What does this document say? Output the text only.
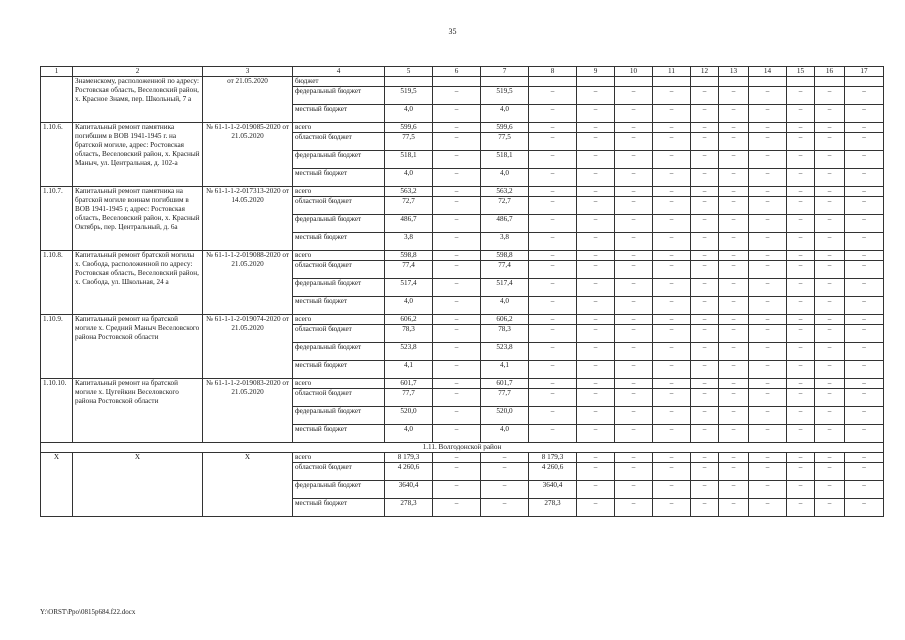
35
1	2	3	4	5	6	7	8	9	10	11	12	13	14	15	16	17
	Знаменскому, расположенной по адресу: Ростовская область, Веселовский район, х. Красное Знамя, пер. Школьный, 7 а	от 21.05.2020	бюджет													
			федеральный бюджет	519,5	–	519,5	–	–	–	–	–	–	–	–	–	–
			местный бюджет	4,0	–	4,0	–	–	–	–	–	–	–	–	–	–
1.10.6.	Капитальный ремонт памятника погибшим в ВОВ 1941-1945 г. на братской могиле, адрес: Ростовская область, Веселовский район, х. Красный Маныч, ул. Центральная, д. 102-а	№ 61-1-1-2-019085-2020 от 21.05.2020	всего	599,6	–	599,6	–	–	–	–	–	–	–	–	–	–
			областной бюджет	77,5	–	77,5	–	–	–	–	–	–	–	–	–	–
			федеральный бюджет	518,1	–	518,1	–	–	–	–	–	–	–	–	–	–
			местный бюджет	4,0	–	4,0	–	–	–	–	–	–	–	–	–	–
1.10.7.	Капитальный ремонт памятника на братской могиле воинам погибшим в ВОВ 1941-1945 г, адрес: Ростовская область, Веселовский район, х. Красный Октябрь, пер. Центральный, д. 6а	№ 61-1-1-2-017313-2020 от 14.05.2020	всего	563,2	–	563,2	–	–	–	–	–	–	–	–	–	–
			областной бюджет	72,7	–	72,7	–	–	–	–	–	–	–	–	–	–
			федеральный бюджет	486,7	–	486,7	–	–	–	–	–	–	–	–	–	–
			местный бюджет	3,8	–	3,8	–	–	–	–	–	–	–	–	–	–
1.10.8.	Капитальный ремонт братской могилы х. Свобода, расположенной по адресу: Ростовская область, Веселовский район, х. Свобода, ул. Школьная, 24 а	№ 61-1-1-2-019088-2020 от 21.05.2020	всего	598,8	–	598,8	–	–	–	–	–	–	–	–	–	–
			областной бюджет	77,4	–	77,4	–	–	–	–	–	–	–	–	–	–
			федеральный бюджет	517,4	–	517,4	–	–	–	–	–	–	–	–	–	–
			местный бюджет	4,0	–	4,0	–	–	–	–	–	–	–	–	–	–
1.10.9.	Капитальный ремонт на братской могиле х. Средний Маныч Веселовского района Ростовской области	№ 61-1-1-2-019074-2020 от 21.05.2020	всего	606,2	–	606,2	–	–	–	–	–	–	–	–	–	–
			областной бюджет	78,3	–	78,3	–	–	–	–	–	–	–	–	–	–
			федеральный бюджет	523,8	–	523,8	–	–	–	–	–	–	–	–	–	–
			местный бюджет	4,1	–	4,1	–	–	–	–	–	–	–	–	–	–
1.10.10.	Капитальный ремонт на братской могиле х. Цугейкин Веселовского района Ростовской области	№ 61-1-1-2-019083-2020 от 21.05.2020	всего	601,7	–	601,7	–	–	–	–	–	–	–	–	–	–
			областной бюджет	77,7	–	77,7	–	–	–	–	–	–	–	–	–	–
			федеральный бюджет	520,0	–	520,0	–	–	–	–	–	–	–	–	–	–
			местный бюджет	4,0	–	4,0	–	–	–	–	–	–	–	–	–	–
1.11. Волгодонской район																
Х	Х	Х	всего	8 179,3	–	–	8 179,3	–	–	–	–	–	–	–	–	–
			областной бюджет	4 260,6	–	–	4 260,6	–	–	–	–	–	–	–	–	–
			федеральный бюджет	3640,4	–	–	3640,4	–	–	–	–	–	–	–	–	–
			местный бюджет	278,3	–	–	278,3	–	–	–	–	–	–	–	–	–
Y:\ORST\Ppo\0815p684.f22.docx
